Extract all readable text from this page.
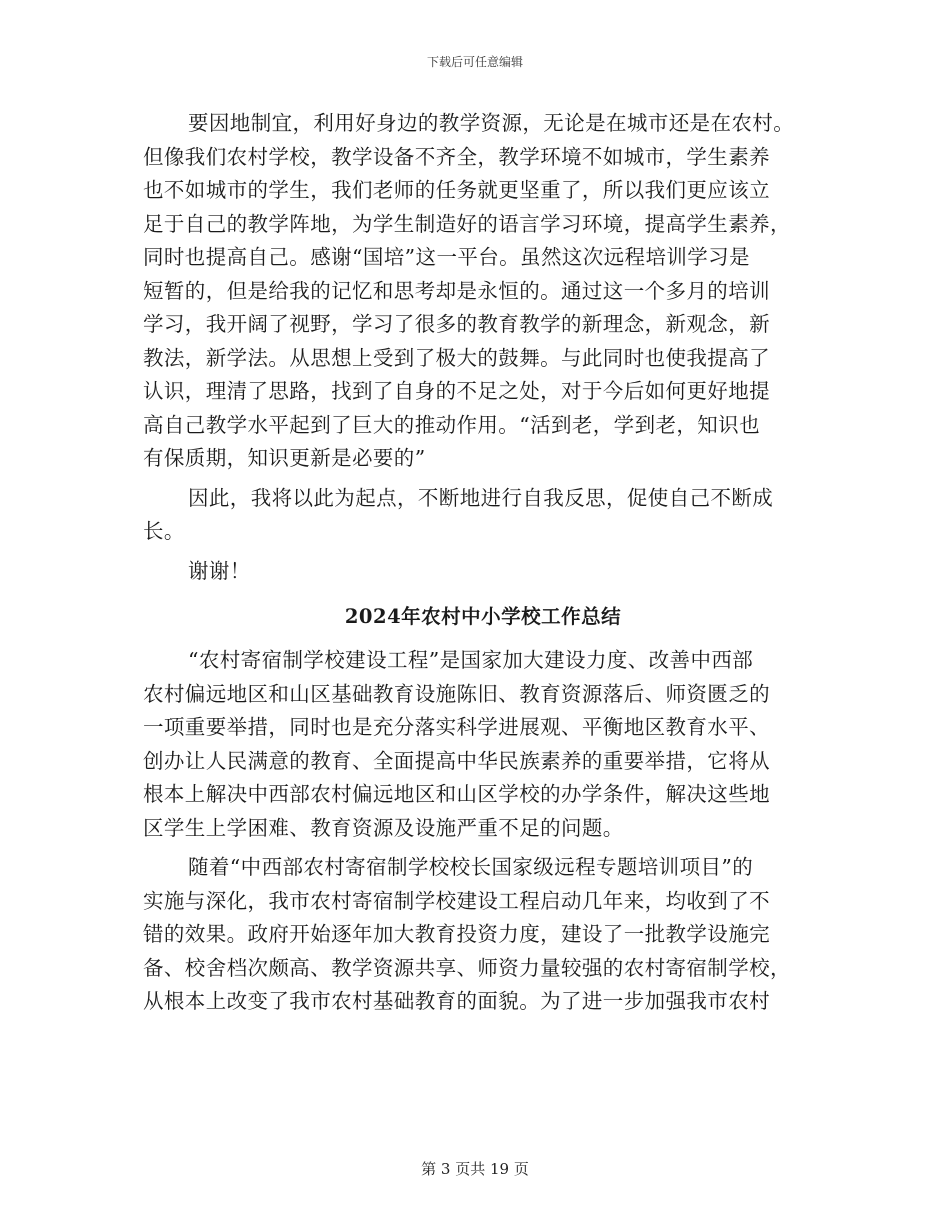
下载后可任意编辑
要因地制宜，利用好身边的教学资源，无论是在城市还是在农村。
但像我们农村学校，教学设备不齐全，教学环境不如城市，学生素养
也不如城市的学生，我们老师的任务就更坚重了，所以我们更应该立
足于自己的教学阵地，为学生制造好的语言学习环境，提高学生素养，
同时也提高自己。感谢“国培”这一平台。虽然这次远程培训学习是
短暂的，但是给我的记忆和思考却是永恒的。通过这一个多月的培训
学习，我开阔了视野，学习了很多的教育教学的新理念，新观念，新
教法，新学法。从思想上受到了极大的鼓舞。与此同时也使我提高了
认识，理清了思路，找到了自身的不足之处，对于今后如何更好地提
高自己教学水平起到了巨大的推动作用。“活到老，学到老，知识也
有保质期，知识更新是必要的”
因此，我将以此为起点，不断地进行自我反思，促使自己不断成
长。
谢谢！
2024年农村中小学校工作总结
“农村寄宿制学校建设工程”是国家加大建设力度、改善中西部
农村偏远地区和山区基础教育设施陈旧、教育资源落后、师资匮乏的
一项重要举措，同时也是充分落实科学进展观、平衡地区教育水平、
创办让人民满意的教育、全面提高中华民族素养的重要举措，它将从
根本上解决中西部农村偏远地区和山区学校的办学条件，解决这些地
区学生上学困难、教育资源及设施严重不足的问题。
随着“中西部农村寄宿制学校校长国家级远程专题培训项目”的
实施与深化，我市农村寄宿制学校建设工程启动几年来，均收到了不
错的效果。政府开始逐年加大教育投资力度，建设了一批教学设施完
备、校舍档次颇高、教学资源共享、师资力量较强的农村寄宿制学校，
从根本上改变了我市农村基础教育的面貌。为了进一步加强我市农村
第 3 页共 19 页
